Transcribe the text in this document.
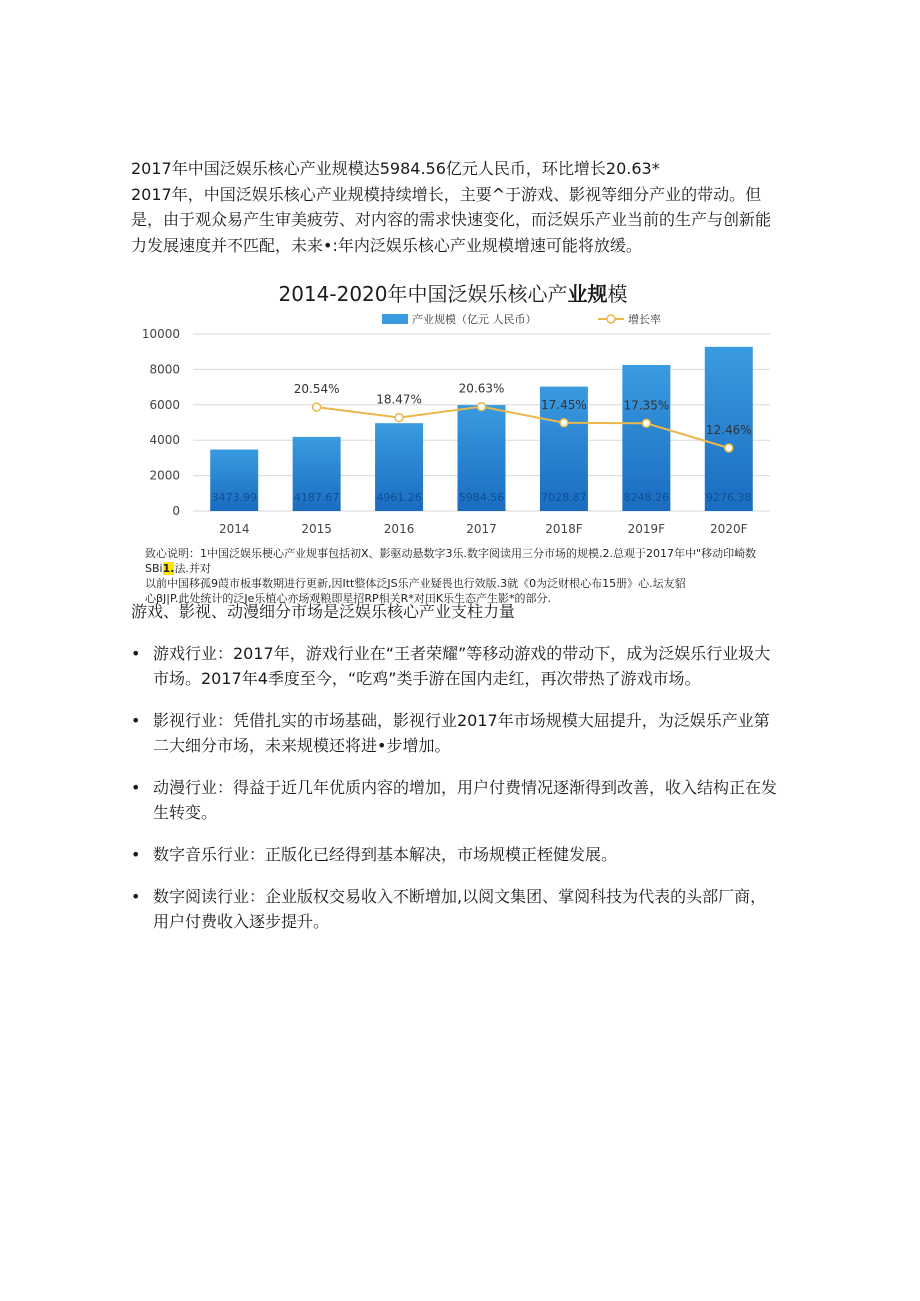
2017年中国泛娱乐核心产业规模达5984.56亿元人民币，环比增长20.63*

2017年，中国泛娱乐核心产业规模持续增长，主要^于游戏、影视等细分产业的带动。但是，由于观众易产生审美疲劳、对内容的需求快速变化，而泛娱乐产业当前的生产与创新能力发展速度并不匹配，未来•:年内泛娱乐核心产业规模增速可能将放缓。

2014-2020年中国泛娱乐核心产业规模
产业规模（亿元 人民币）	增长率
0
2000
4000
6000
8000
10000
3473.99
2014
4187.67
2015
4961.26
2016
5984.56
2017
7028.87
2018F
8248.26
2019F
9276.38
2020F
20.54%
18.47%
20.63%
17.45%	17.35%
12.46%
致心说明：1中国泛娱乐梗心产业规事包括初X、影驱动悬数字3乐.数字阅读用三分市场的规模.2.总观于2017年中"移动印崎数SBi1.法.并对
以前中国移孤9葭市板事数期进行更新,因Itt整体泛JS乐产业疑畏也行效版.3就《0为泛财根心布15册》心.坛友貂
心βJ|P.此处统计的泛Je乐植心亦场观粮即星招RP相关R*对田K乐生态产生影*的部分.
游戏、影视、动漫细分市场是泛娱乐核心产业支柱力量
• 游戏行业：2017年，游戏行业在“王者荣耀”等移动游戏的带动下，成为泛娱乐行业圾大市场。2017年4季度至今，“吃鸡”类手游在国内走红，再次带热了游戏市场。
• 影视行业：凭借扎实的市场基础，影视行业2017年市场规模大屈提升，为泛娱乐产业第二大细分市场，未来规模还将进•步增加。
• 动漫行业：得益于近几年优质内容的增加，用户付费情况逐渐得到改善，收入结构正在发生转变。
• 数字音乐行业：正版化已经得到基本解决，市场规模正桎健发展。
• 数字阅读行业：企业版权交易收入不断增加,以阅文集团、掌阅科技为代表的头部厂商，用户付费收入逐步提升。
